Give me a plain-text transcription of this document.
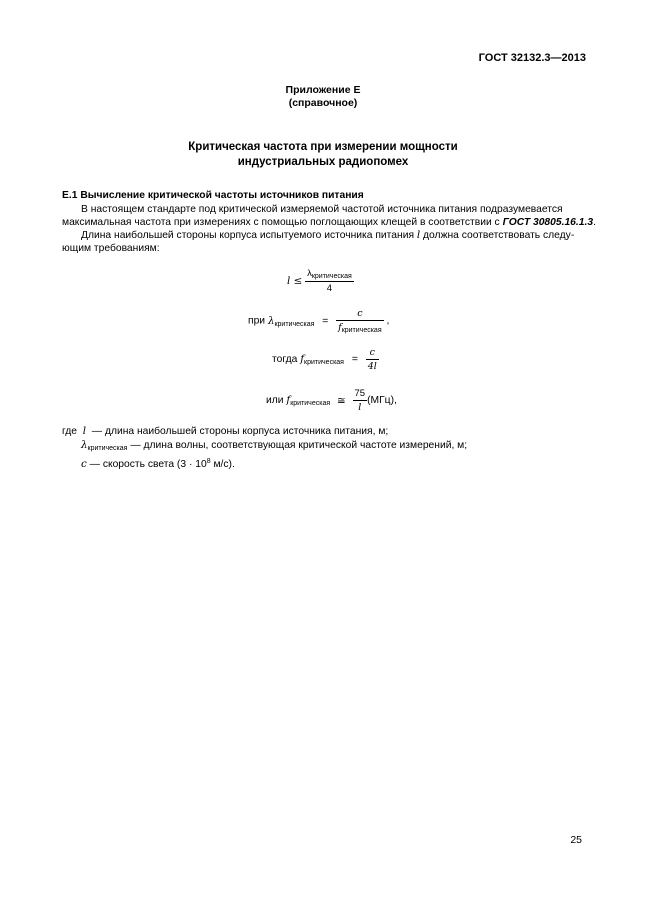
ГОСТ 32132.3—2013
Приложение Е
(справочное)
Критическая частота при измерении мощности
индустриальных радиопомех
Е.1 Вычисление критической частоты источников питания
В настоящем стандарте под критической измеряемой частотой источника питания подразумевается
максимальная частота при измерениях с помощью поглощающих клещей в соответствии с ГОСТ 30805.16.1.3.
Длина наибольшей стороны корпуса испытуемого источника питания l должна соответствовать следу-
ющим требованиям:
$l \le \frac{\lambda_{критическая}}{4}$
при $\lambda_{критическая} = \frac{c}{f_{критическая}}$ ,
тогда $f_{критическая} = \frac{c}{4l}$
или $f_{критическая}$ ≅ $\frac{75}{l} (МГц)$,
где l — длина наибольшей стороны корпуса источника питания, м;
$\lambda_{критическая}$ — длина волны, соответствующая критической частоте измерений, м;
c — скорость света ($3 \cdot 10^8$ м/с).
25
